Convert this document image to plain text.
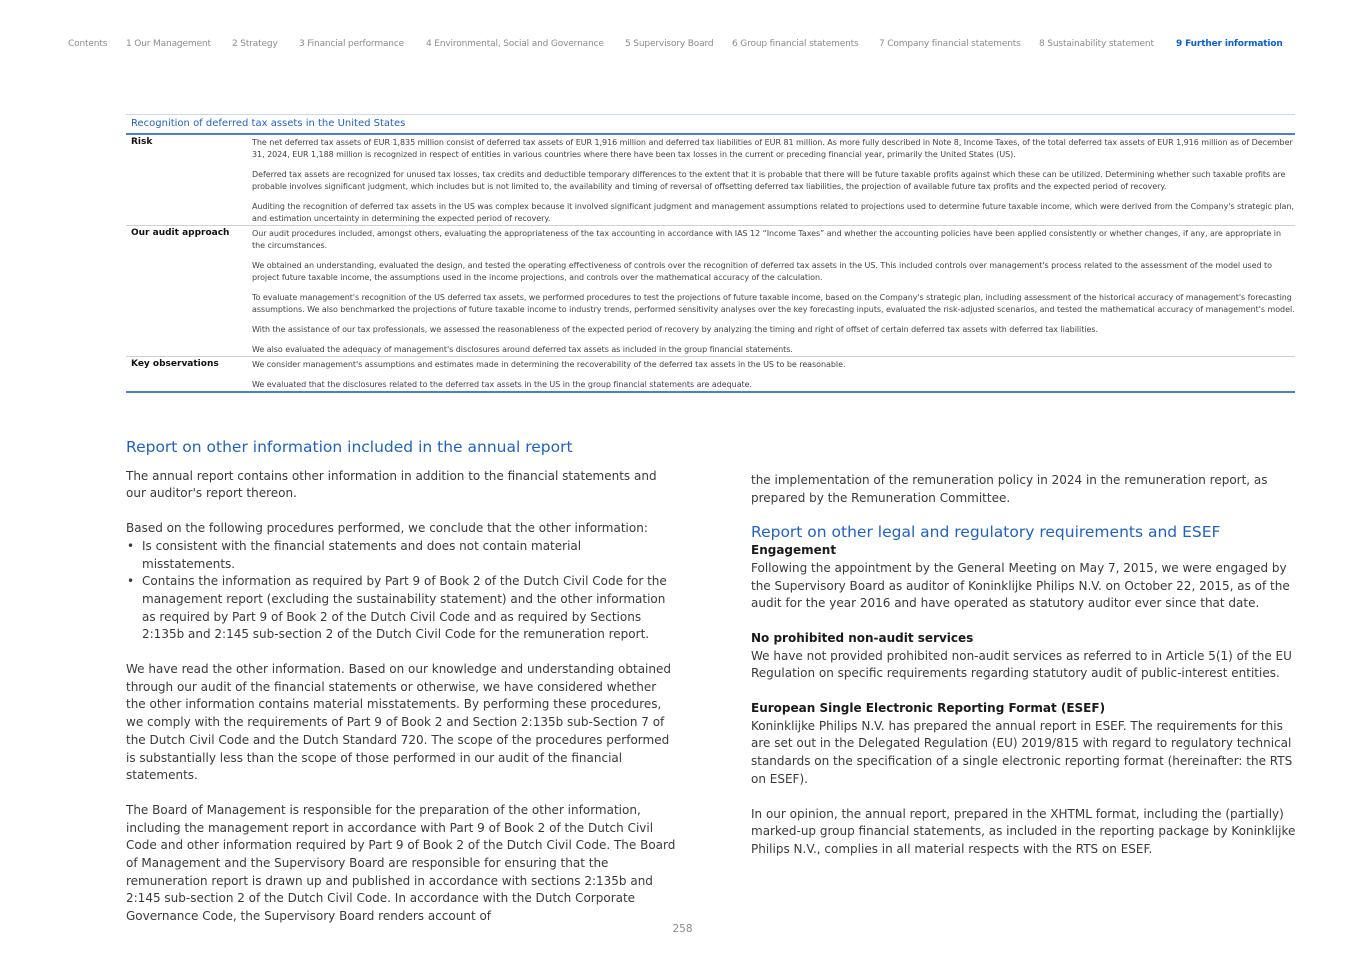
Contents 1 Our Management 2 Strategy 3 Financial performance 4 Environmental, Social and Governance 5 Supervisory Board 6 Group financial statements 7 Company financial statements 8 Sustainability statement 9 Further information
Recognition of deferred tax assets in the United States
Risk	The net deferred tax assets of EUR 1,835 million consist of deferred tax assets of EUR 1,916 million and deferred tax liabilities of EUR 81 million. As more fully described in Note 8, Income Taxes, of the total deferred tax assets of EUR 1,916 million as of December 31, 2024, EUR 1,188 million is recognized in respect of entities in various countries where there have been tax losses in the current or preceding financial year, primarily the United States (US).

Deferred tax assets are recognized for unused tax losses, tax credits and deductible temporary differences to the extent that it is probable that there will be future taxable profits against which these can be utilized. Determining whether such taxable profits are probable involves significant judgment, which includes but is not limited to, the availability and timing of reversal of offsetting deferred tax liabilities, the projection of available future tax profits and the expected period of recovery.

Auditing the recognition of deferred tax assets in the US was complex because it involved significant judgment and management assumptions related to projections used to determine future taxable income, which were derived from the Company's strategic plan, and estimation uncertainty in determining the expected period of recovery.

Our audit approach	Our audit procedures included, amongst others, evaluating the appropriateness of the tax accounting in accordance with IAS 12 “Income Taxes” and whether the accounting policies have been applied consistently or whether changes, if any, are appropriate in the circumstances.

We obtained an understanding, evaluated the design, and tested the operating effectiveness of controls over the recognition of deferred tax assets in the US. This included controls over management's process related to the assessment of the model used to project future taxable income, the assumptions used in the income projections, and controls over the mathematical accuracy of the calculation.

To evaluate management's recognition of the US deferred tax assets, we performed procedures to test the projections of future taxable income, based on the Company's strategic plan, including assessment of the historical accuracy of management's forecasting assumptions. We also benchmarked the projections of future taxable income to industry trends, performed sensitivity analyses over the key forecasting inputs, evaluated the risk-adjusted scenarios, and tested the mathematical accuracy of management's model.

With the assistance of our tax professionals, we assessed the reasonableness of the expected period of recovery by analyzing the timing and right of offset of certain deferred tax assets with deferred tax liabilities.

We also evaluated the adequacy of management's disclosures around deferred tax assets as included in the group financial statements.

Key observations	We consider management's assumptions and estimates made in determining the recoverability of the deferred tax assets in the US to be reasonable.

We evaluated that the disclosures related to the deferred tax assets in the US in the group financial statements are adequate.

Report on other information included in the annual report

The annual report contains other information in addition to the financial statements and our auditor's report thereon.

Based on the following procedures performed, we conclude that the other information:
• Is consistent with the financial statements and does not contain material misstatements.
• Contains the information as required by Part 9 of Book 2 of the Dutch Civil Code for the management report (excluding the sustainability statement) and the other information as required by Part 9 of Book 2 of the Dutch Civil Code and as required by Sections 2:135b and 2:145 sub-section 2 of the Dutch Civil Code for the remuneration report.

We have read the other information. Based on our knowledge and understanding obtained through our audit of the financial statements or otherwise, we have considered whether the other information contains material misstatements. By performing these procedures, we comply with the requirements of Part 9 of Book 2 and Section 2:135b sub-Section 7 of the Dutch Civil Code and the Dutch Standard 720. The scope of the procedures performed is substantially less than the scope of those performed in our audit of the financial statements.

The Board of Management is responsible for the preparation of the other information, including the management report in accordance with Part 9 of Book 2 of the Dutch Civil Code and other information required by Part 9 of Book 2 of the Dutch Civil Code. The Board of Management and the Supervisory Board are responsible for ensuring that the remuneration report is drawn up and published in accordance with sections 2:135b and 2:145 sub-section 2 of the Dutch Civil Code. In accordance with the Dutch Corporate Governance Code, the Supervisory Board renders account of

the implementation of the remuneration policy in 2024 in the remuneration report, as prepared by the Remuneration Committee.

Report on other legal and regulatory requirements and ESEF
Engagement

Following the appointment by the General Meeting on May 7, 2015, we were engaged by the Supervisory Board as auditor of Koninklijke Philips N.V. on October 22, 2015, as of the audit for the year 2016 and have operated as statutory auditor ever since that date.

No prohibited non-audit services

We have not provided prohibited non-audit services as referred to in Article 5(1) of the EU Regulation on specific requirements regarding statutory audit of public-interest entities.

European Single Electronic Reporting Format (ESEF)

Koninklijke Philips N.V. has prepared the annual report in ESEF. The requirements for this are set out in the Delegated Regulation (EU) 2019/815 with regard to regulatory technical standards on the specification of a single electronic reporting format (hereinafter: the RTS on ESEF).

In our opinion, the annual report, prepared in the XHTML format, including the (partially) marked-up group financial statements, as included in the reporting package by Koninklijke Philips N.V., complies in all material respects with the RTS on ESEF.

258
